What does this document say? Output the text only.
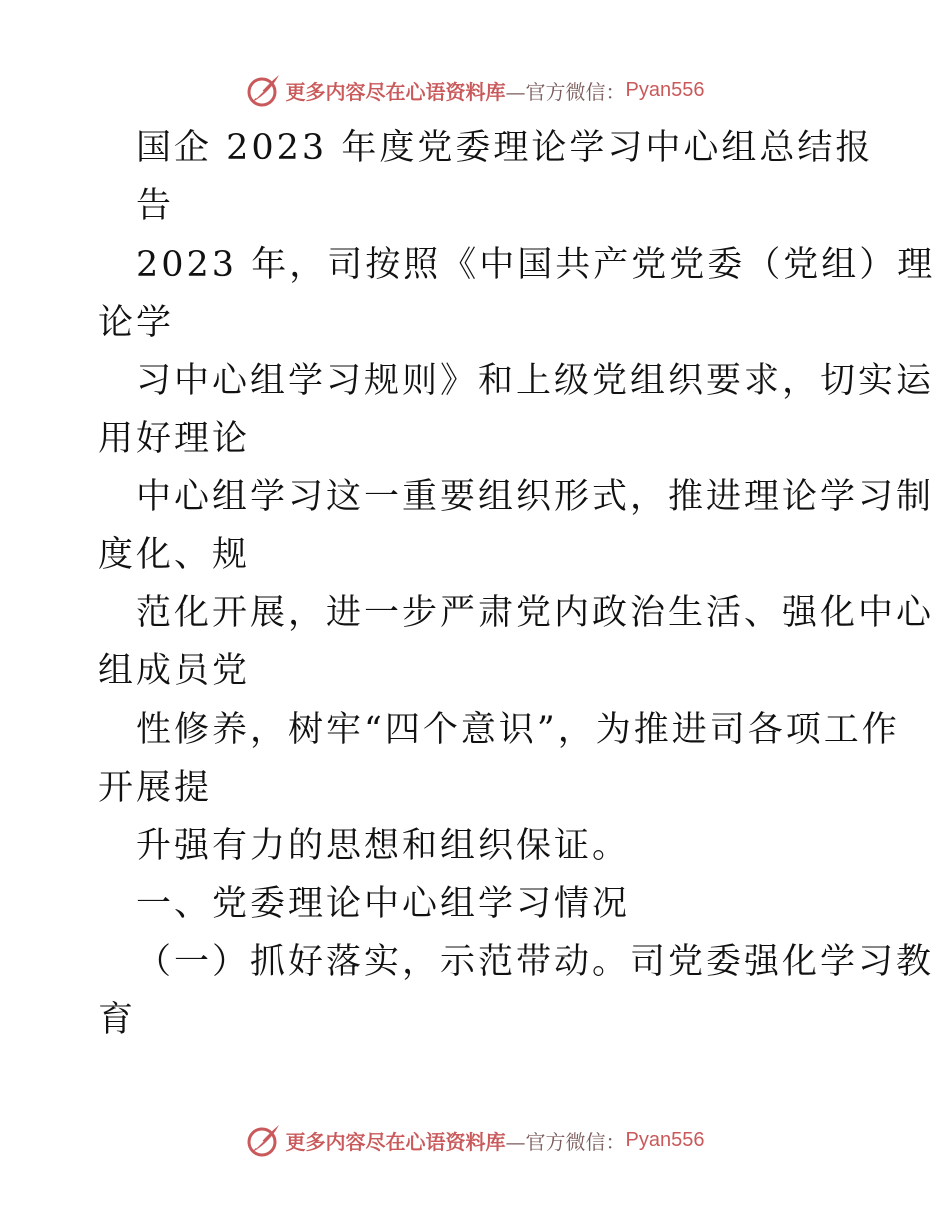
更多内容尽在心语资料库 —官方微信： Pyan556
国企 2023 年度党委理论学习中心组总结报
告
2023 年，司按照《中国共产党党委（党组）理
论学
习中心组学习规则》和上级党组织要求，切实运
用好理论
中心组学习这一重要组织形式，推进理论学习制
度化、规
范化开展，进一步严肃党内政治生活、强化中心
组成员党
性修养，树牢“四个意识”，为推进司各项工作
开展提
升强有力的思想和组织保证。
一、党委理论中心组学习情况
（一）抓好落实，示范带动。司党委强化学习教
育
更多内容尽在心语资料库 —官方微信： Pyan556
